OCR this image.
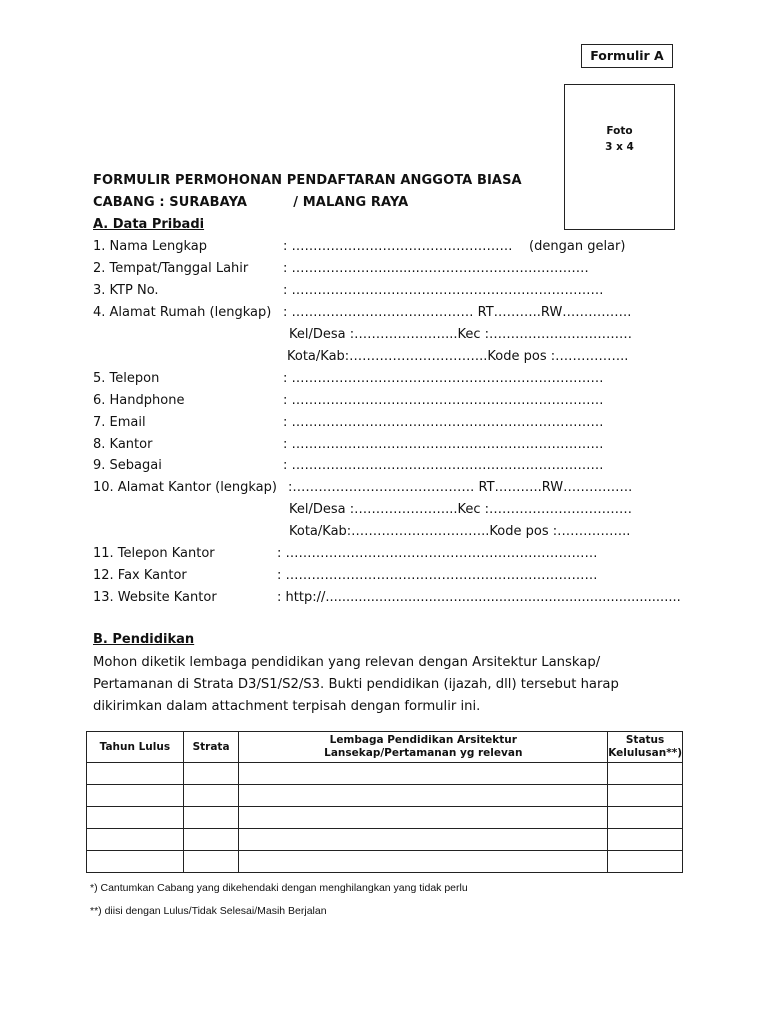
Formulir A
Foto
3 x 4
FORMULIR PERMOHONAN PENDAFTARAN ANGGOTA BIASA
CABANG : SURABAYA          / MALANG RAYA
A. Data Pribadi
1. Nama Lengkap	: ……………………………………………    (dengan gelar)
2. Tempat/Tanggal Lahir	: ………………….........…………………………………
3. KTP No.	: ………………………………………………………………
4. Alamat Rumah (lengkap) : …………………………………… RT………..RW…………….
Kel/Desa :…………………...Kec :……………………………
Kota/Kab:…………………………..Kode pos :……………..
5. Telepon	: ………………………………………………………………
6. Handphone	: ………………………………………………………………
7. Email	: ………………………………………………………………
8. Kantor	: ………………………………………………………………
9. Sebagai	: ………………………………………………………………
10. Alamat Kantor (lengkap) :…………………………………… RT………..RW…………….
Kel/Desa :…………………...Kec :……………………………
Kota/Kab:…………………………..Kode pos :……………..
11. Telepon Kantor	: ………………………………………………………………
12. Fax Kantor	: ………………………………………………………………
13. Website Kantor	: http://......................................................................................
B. Pendidikan
Mohon diketik lembaga pendidikan yang relevan dengan Arsitektur Lanskap/ Pertamanan di Strata D3/S1/S2/S3. Bukti pendidikan (ijazah, dll) tersebut harap dikirimkan dalam attachment terpisah dengan formulir ini.
Tahun Lulus	Strata	Lembaga Pendidikan Arsitektur Lansekap/Pertamanan yg relevan	Status Kelulusan**)

*) Cantumkan Cabang yang dikehendaki dengan menghilangkan yang tidak perlu
**) diisi dengan Lulus/Tidak Selesai/Masih Berjalan
